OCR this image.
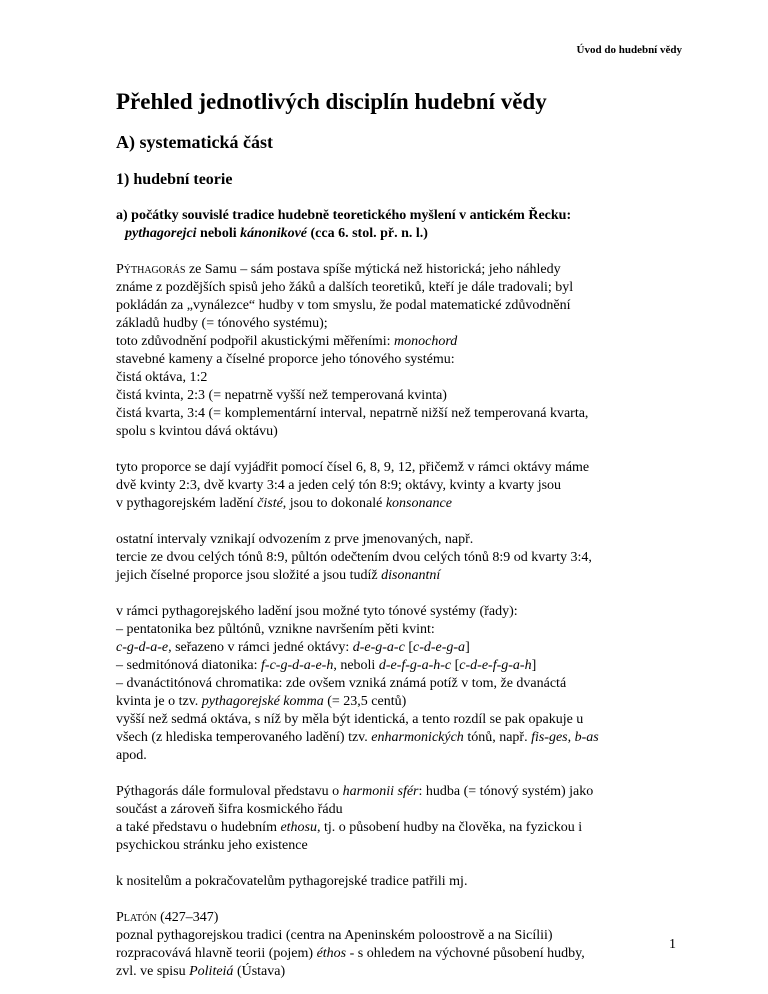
Úvod do hudební vědy
Přehled jednotlivých disciplín hudební vědy
A) systematická část
1) hudební teorie
a) počátky souvislé tradice hudebně teoretického myšlení v antickém Řecku:
pythagorejci neboli kánonikové (cca 6. stol. př. n. l.)

Pýthagorás ze Samu – sám postava spíše mýtická než historická; jeho náhledy

známe z pozdějších spisů jeho žáků a dalších teoretiků, kteří je dále tradovali; byl

pokládán za „vynálezce“ hudby v tom smyslu, že podal matematické zdůvodnění

základů hudby (= tónového systému);

toto zdůvodnění podpořil akustickými měřeními: monochord

stavebné kameny a číselné proporce jeho tónového systému:

čistá oktáva, 1:2

čistá kvinta, 2:3 (= nepatrně vyšší než temperovaná kvinta)

čistá kvarta, 3:4 (= komplementární interval, nepatrně nižší než temperovaná kvarta,

spolu s kvintou dává oktávu)

tyto proporce se dají vyjádřit pomocí čísel 6, 8, 9, 12, přičemž v rámci oktávy máme

dvě kvinty 2:3, dvě kvarty 3:4 a jeden celý tón 8:9; oktávy, kvinty a kvarty jsou

v pythagorejském ladění čisté, jsou to dokonalé konsonance

ostatní intervaly vznikají odvozením z prve jmenovaných, např.

tercie ze dvou celých tónů 8:9, půltón odečtením dvou celých tónů 8:9 od kvarty 3:4,

jejich číselné proporce jsou složité a jsou tudíž disonantní

v rámci pythagorejského ladění jsou možné tyto tónové systémy (řady):

– pentatonika bez půltónů, vznikne navršením pěti kvint:

c-g-d-a-e, seřazeno v rámci jedné oktávy: d-e-g-a-c [c-d-e-g-a]

– sedmitónová diatonika: f-c-g-d-a-e-h, neboli d-e-f-g-a-h-c [c-d-e-f-g-a-h]

– dvanáctitónová chromatika: zde ovšem vzniká známá potíž v tom, že dvanáctá

kvinta je o tzv. pythagorejské komma (= 23,5 centů)

vyšší než sedmá oktáva, s níž by měla být identická, a tento rozdíl se pak opakuje u

všech (z hlediska temperovaného ladění) tzv. enharmonických tónů, např. fis-ges, b-as

apod.

Pýthagorás dále formuloval představu o harmonii sfér: hudba (= tónový systém) jako

součást a zároveň šifra kosmického řádu

a také představu o hudebním ethosu, tj. o působení hudby na člověka, na fyzickou i

psychickou stránku jeho existence

k nositelům a pokračovatelům pythagorejské tradice patřili mj.

Platón (427–347)

poznal pythagorejskou tradici (centra na Apeninském poloostrově a na Sicílii)

rozpracovává hlavně teorii (pojem) éthos - s ohledem na výchovné působení hudby,

zvl. ve spisu Politeiá (Ústava)

1
